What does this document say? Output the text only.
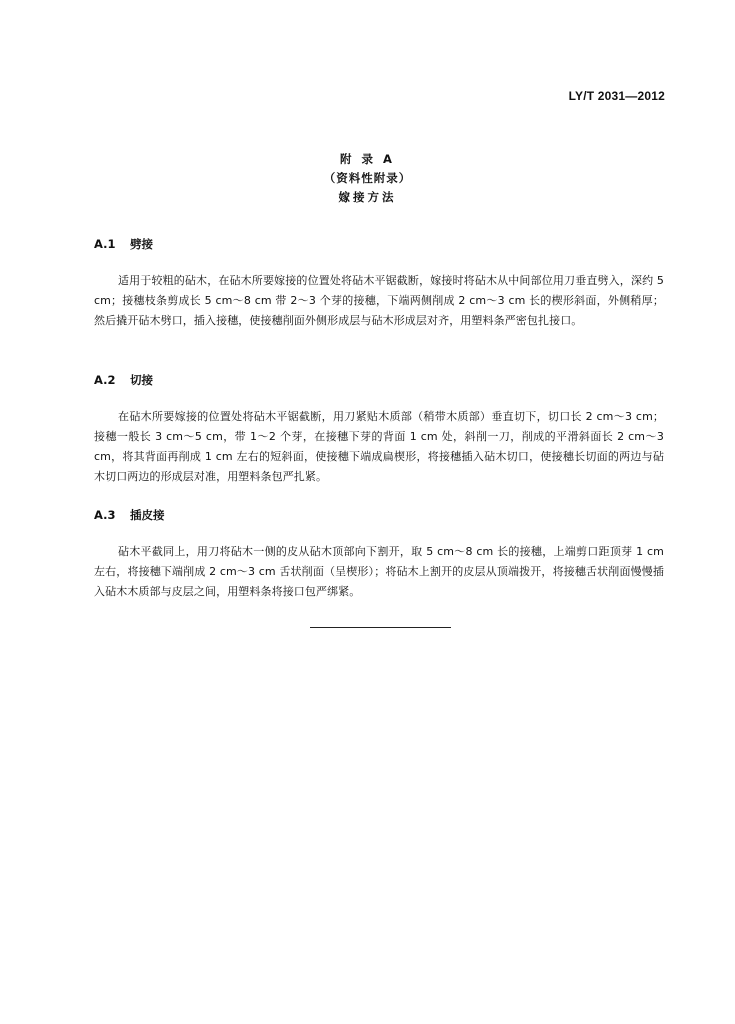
LY/T 2031—2012
附 录 A
（资料性附录）
嫁接方法
A.1 劈接
适用于较粗的砧木，在砧木所要嫁接的位置处将砧木平锯截断，嫁接时将砧木从中间部位用刀垂直劈入，深约 5 cm；接穗枝条剪成长 5 cm～8 cm 带 2～3 个芽的接穗，下端两侧削成 2 cm～3 cm 长的楔形斜面，外侧稍厚；然后撬开砧木劈口，插入接穗，使接穗削面外侧形成层与砧木形成层对齐，用塑料条严密包扎接口。
A.2 切接
在砧木所要嫁接的位置处将砧木平锯截断，用刀紧贴木质部（稍带木质部）垂直切下，切口长 2 cm～3 cm；接穗一般长 3 cm～5 cm，带 1～2 个芽，在接穗下芽的背面 1 cm 处，斜削一刀，削成的平滑斜面长 2 cm～3 cm，将其背面再削成 1 cm 左右的短斜面，使接穗下端成扁楔形，将接穗插入砧木切口，使接穗长切面的两边与砧木切口两边的形成层对准，用塑料条包严扎紧。
A.3 插皮接
砧木平截同上，用刀将砧木一侧的皮从砧木顶部向下割开，取 5 cm～8 cm 长的接穗，上端剪口距顶芽 1 cm 左右，将接穗下端削成 2 cm～3 cm 舌状削面（呈楔形）；将砧木上割开的皮层从顶端拨开，将接穗舌状削面慢慢插入砧木木质部与皮层之间，用塑料条将接口包严绑紧。
